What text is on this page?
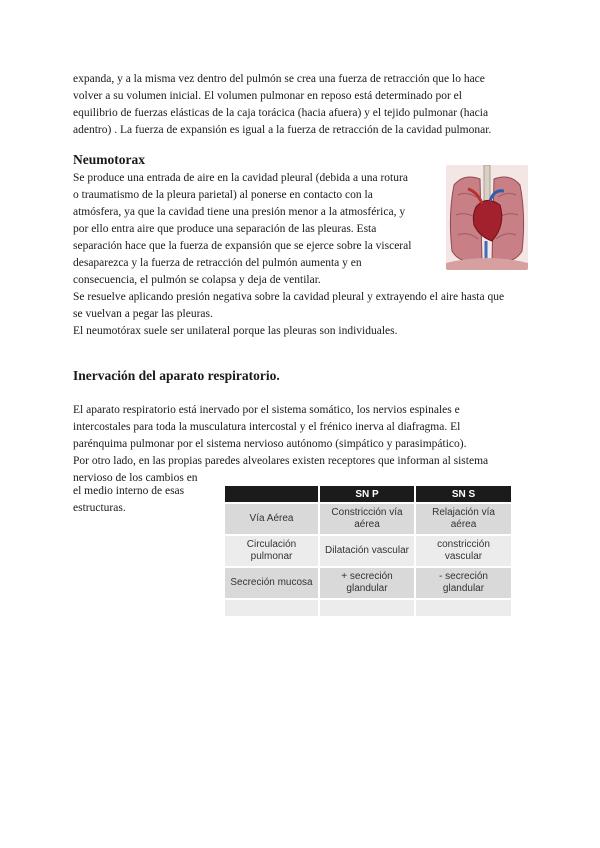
expanda, y a la misma vez dentro del pulmón se crea una fuerza de retracción que lo hace
volver a su volumen inicial. El volumen pulmonar en reposo está determinado por el
equilibrio de fuerzas elásticas de la caja torácica (hacia afuera) y el tejido pulmonar (hacia
adentro) . La fuerza de expansión es igual a la fuerza de retracción de la cavidad pulmonar.
Neumotorax
Se produce una entrada de aire en la cavidad pleural (debida a una rotura
o traumatismo de la pleura parietal) al ponerse en contacto con la
atmósfera, ya que la cavidad tiene una presión menor a la atmosférica, y
por ello entra aire que produce una separación de las pleuras. Esta
separación hace que la fuerza de expansión que se ejerce sobre la visceral
desaparezca y la fuerza de retracción del pulmón aumenta y en
consecuencia, el pulmón se colapsa y deja de ventilar.
Se resuelve aplicando presión negativa sobre la cavidad pleural y extrayendo el aire hasta que
se vuelvan a pegar las pleuras.
El neumotórax suele ser unilateral porque las pleuras son individuales.
Inervación del aparato respiratorio.
El aparato respiratorio está inervado por el sistema somático, los nervios espinales e
intercostales para toda la musculatura intercostal y el frénico inerva al diafragma. El
parénquima pulmonar por el sistema nervioso autónomo (simpático y parasimpático).
Por otro lado, en las propias paredes alveolares existen receptores que informan al sistema
nervioso de los cambios en
el medio interno de esas
estructuras.
	SN P	SN S
Vía Aérea	Constricción vía aérea	Relajación vía aérea
Circulación pulmonar	Dilatación vascular	constricción vascular
Secreción mucosa	+ secreción glandular	- secreción glandular
